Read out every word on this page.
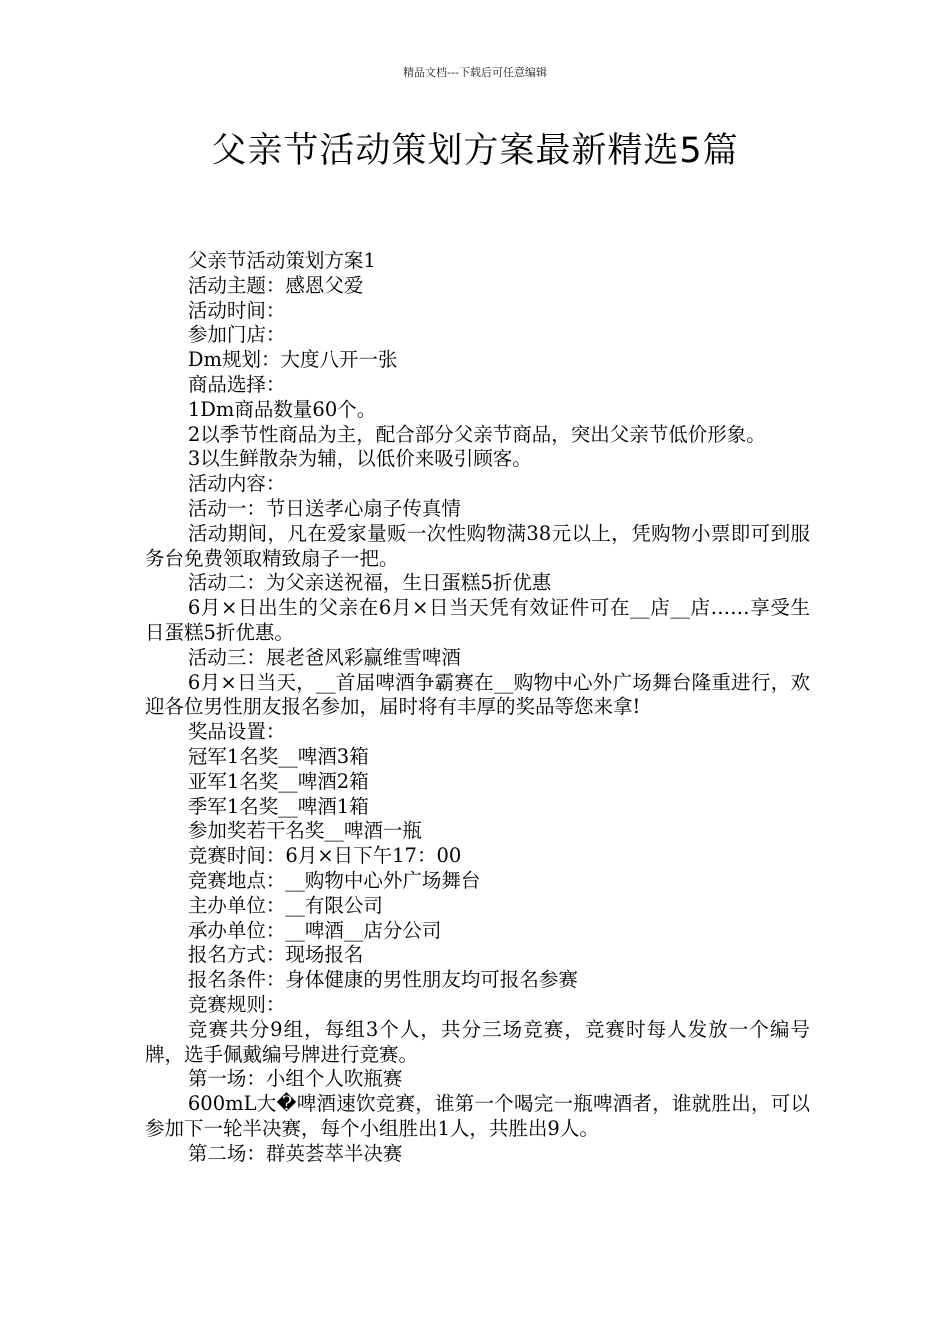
精品文档---下载后可任意编辑
父亲节活动策划方案最新精选5篇

父亲节活动策划方案1

活动主题：感恩父爱

活动时间：

参加门店：

Dm规划：大度八开一张

商品选择：

1Dm商品数量60个。

2以季节性商品为主，配合部分父亲节商品，突出父亲节低价形象。

3以生鲜散杂为辅，以低价来吸引顾客。

活动内容：

活动一：节日送孝心扇子传真情

活动期间，凡在爱家量贩一次性购物满38元以上，凭购物小票即可到服务台免费领取精致扇子一把。

活动二：为父亲送祝福，生日蛋糕5折优惠

6月×日出生的父亲在6月×日当天凭有效证件可在__店__店……享受生日蛋糕5折优惠。

活动三：展老爸风彩赢维雪啤酒

6月×日当天，__首届啤酒争霸赛在__购物中心外广场舞台隆重进行，欢迎各位男性朋友报名参加，届时将有丰厚的奖品等您来拿!

奖品设置：

冠军1名奖__啤酒3箱

亚军1名奖__啤酒2箱

季军1名奖__啤酒1箱

参加奖若干名奖__啤酒一瓶

竞赛时间：6月×日下午17：00

竞赛地点：__购物中心外广场舞台

主办单位：__有限公司

承办单位：__啤酒__店分公司

报名方式：现场报名

报名条件：身体健康的男性朋友均可报名参赛

竞赛规则：

竞赛共分9组，每组3个人，共分三场竞赛，竞赛时每人发放一个编号牌，选手佩戴编号牌进行竞赛。

第一场：小组个人吹瓶赛

600mL大�啤酒速饮竞赛，谁第一个喝完一瓶啤酒者，谁就胜出，可以参加下一轮半决赛，每个小组胜出1人，共胜出9人。

第二场：群英荟萃半决赛
